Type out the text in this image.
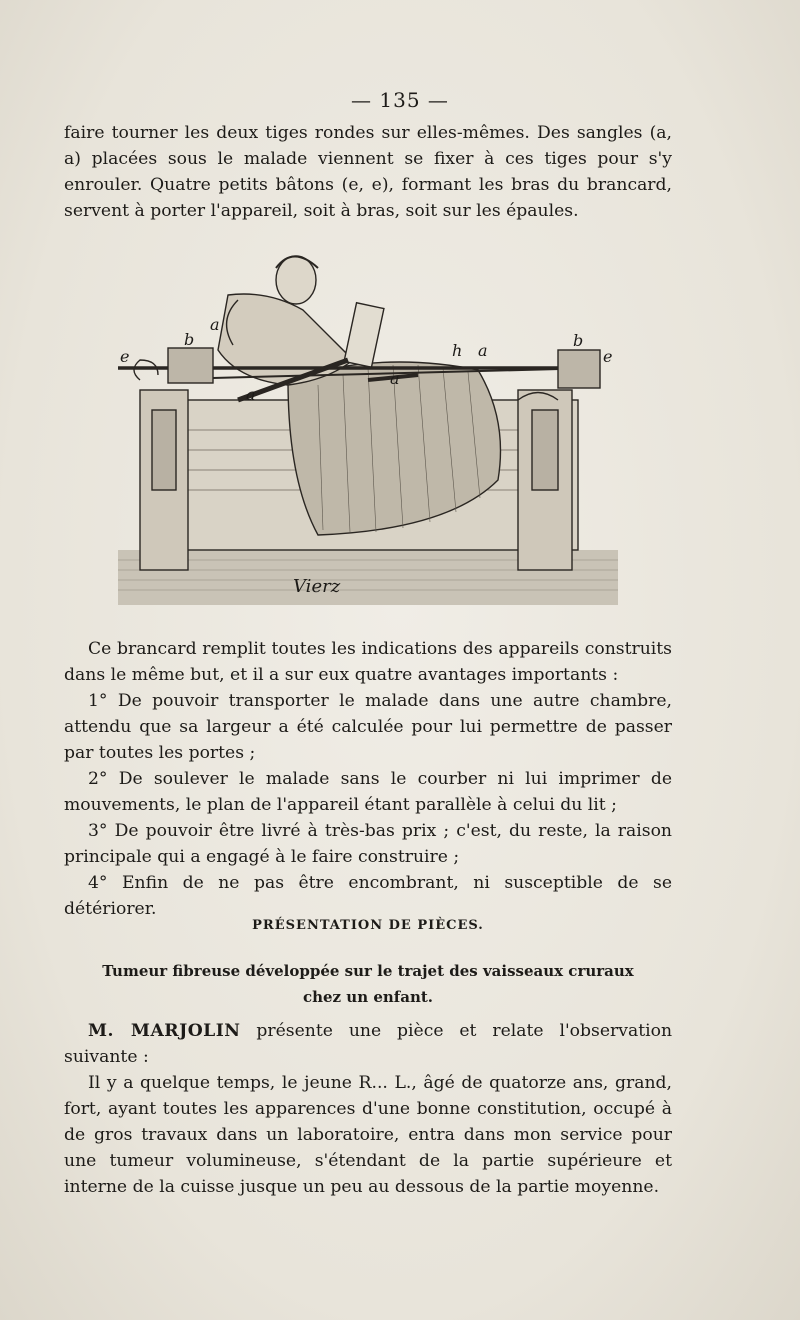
— 135 —

faire tourner les deux tiges rondes sur elles-mêmes. Des sangles (a, a) placées sous le malade viennent se fixer à ces tiges pour s'y enrouler. Quatre petits bâtons (e, e), formant les bras du brancard, servent à porter l'appareil, soit à bras, soit sur les épaules.

e
b
a
a
h a
b
e
a
Vierz

Ce brancard remplit toutes les indications des appareils construits dans le même but, et il a sur eux quatre avantages importants :

1° De pouvoir transporter le malade dans une autre chambre, attendu que sa largeur a été calculée pour lui permettre de passer par toutes les portes ;

2° De soulever le malade sans le courber ni lui imprimer de mouvements, le plan de l'appareil étant parallèle à celui du lit ;

3° De pouvoir être livré à très-bas prix ; c'est, du reste, la raison principale qui a engagé à le faire construire ;

4° Enfin de ne pas être encombrant, ni susceptible de se détériorer.

PRÉSENTATION DE PIÈCES.
Tumeur fibreuse développée sur le trajet des vaisseaux cruraux
chez un enfant.

M. MARJOLIN présente une pièce et relate l'observation suivante :

Il y a quelque temps, le jeune R... L., âgé de quatorze ans, grand, fort, ayant toutes les apparences d'une bonne constitution, occupé à de gros travaux dans un laboratoire, entra dans mon service pour une tumeur volumineuse, s'étendant de la partie supérieure et interne de la cuisse jusque un peu au dessous de la partie moyenne.
